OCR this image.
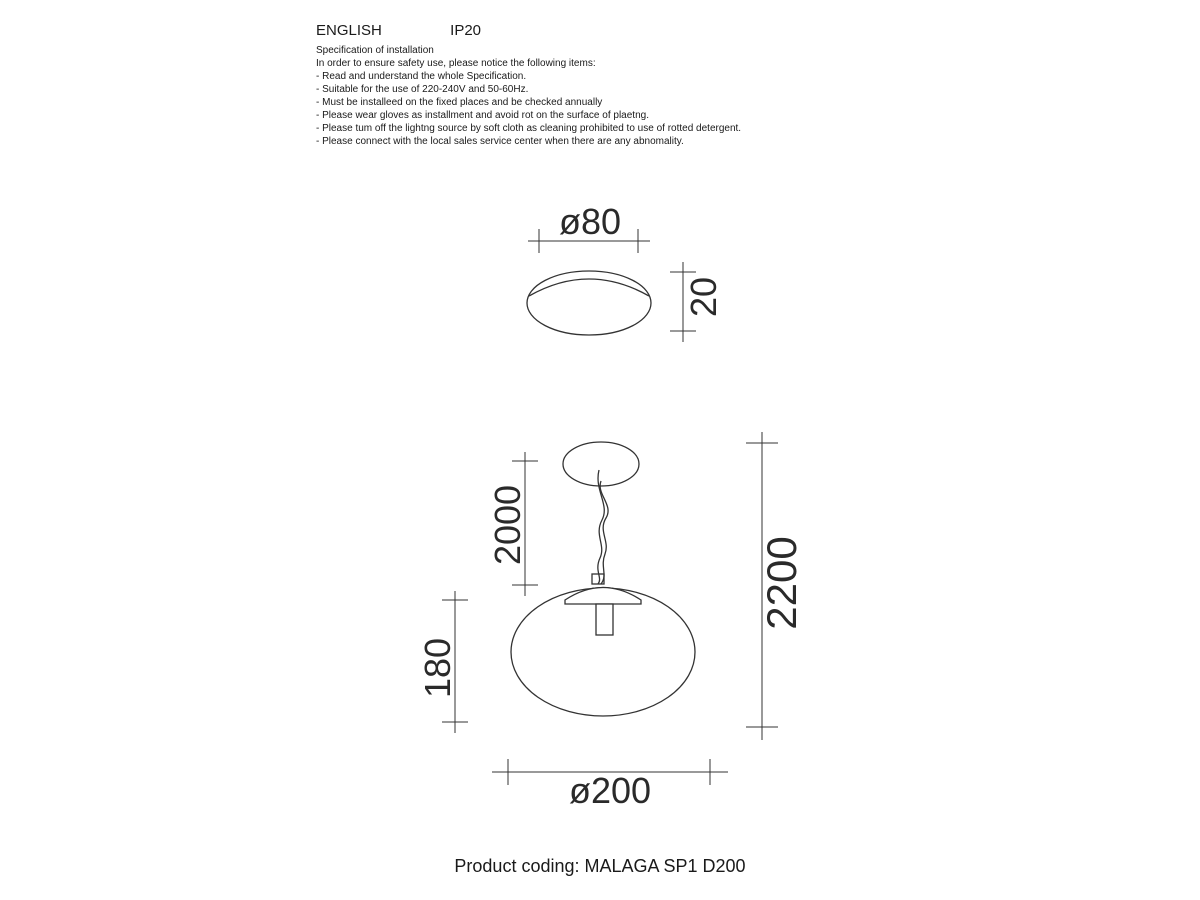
ENGLISH	IP20
Specification of installation
In order to ensure safety use, please notice the following items:
- Read and understand the whole Specification.
- Suitable for the use of 220-240V and 50-60Hz.
- Must be installeed on the fixed places and be checked annually
- Please wear gloves as installment and avoid rot on the surface of plaetng.
- Please tum off the lightng source by soft cloth as cleaning prohibited to use of rotted detergent.
- Please connect with the local sales service center when there are any abnomality.
ø80
20
2000
2200
180
ø200
Product coding: MALAGA SP1 D200
